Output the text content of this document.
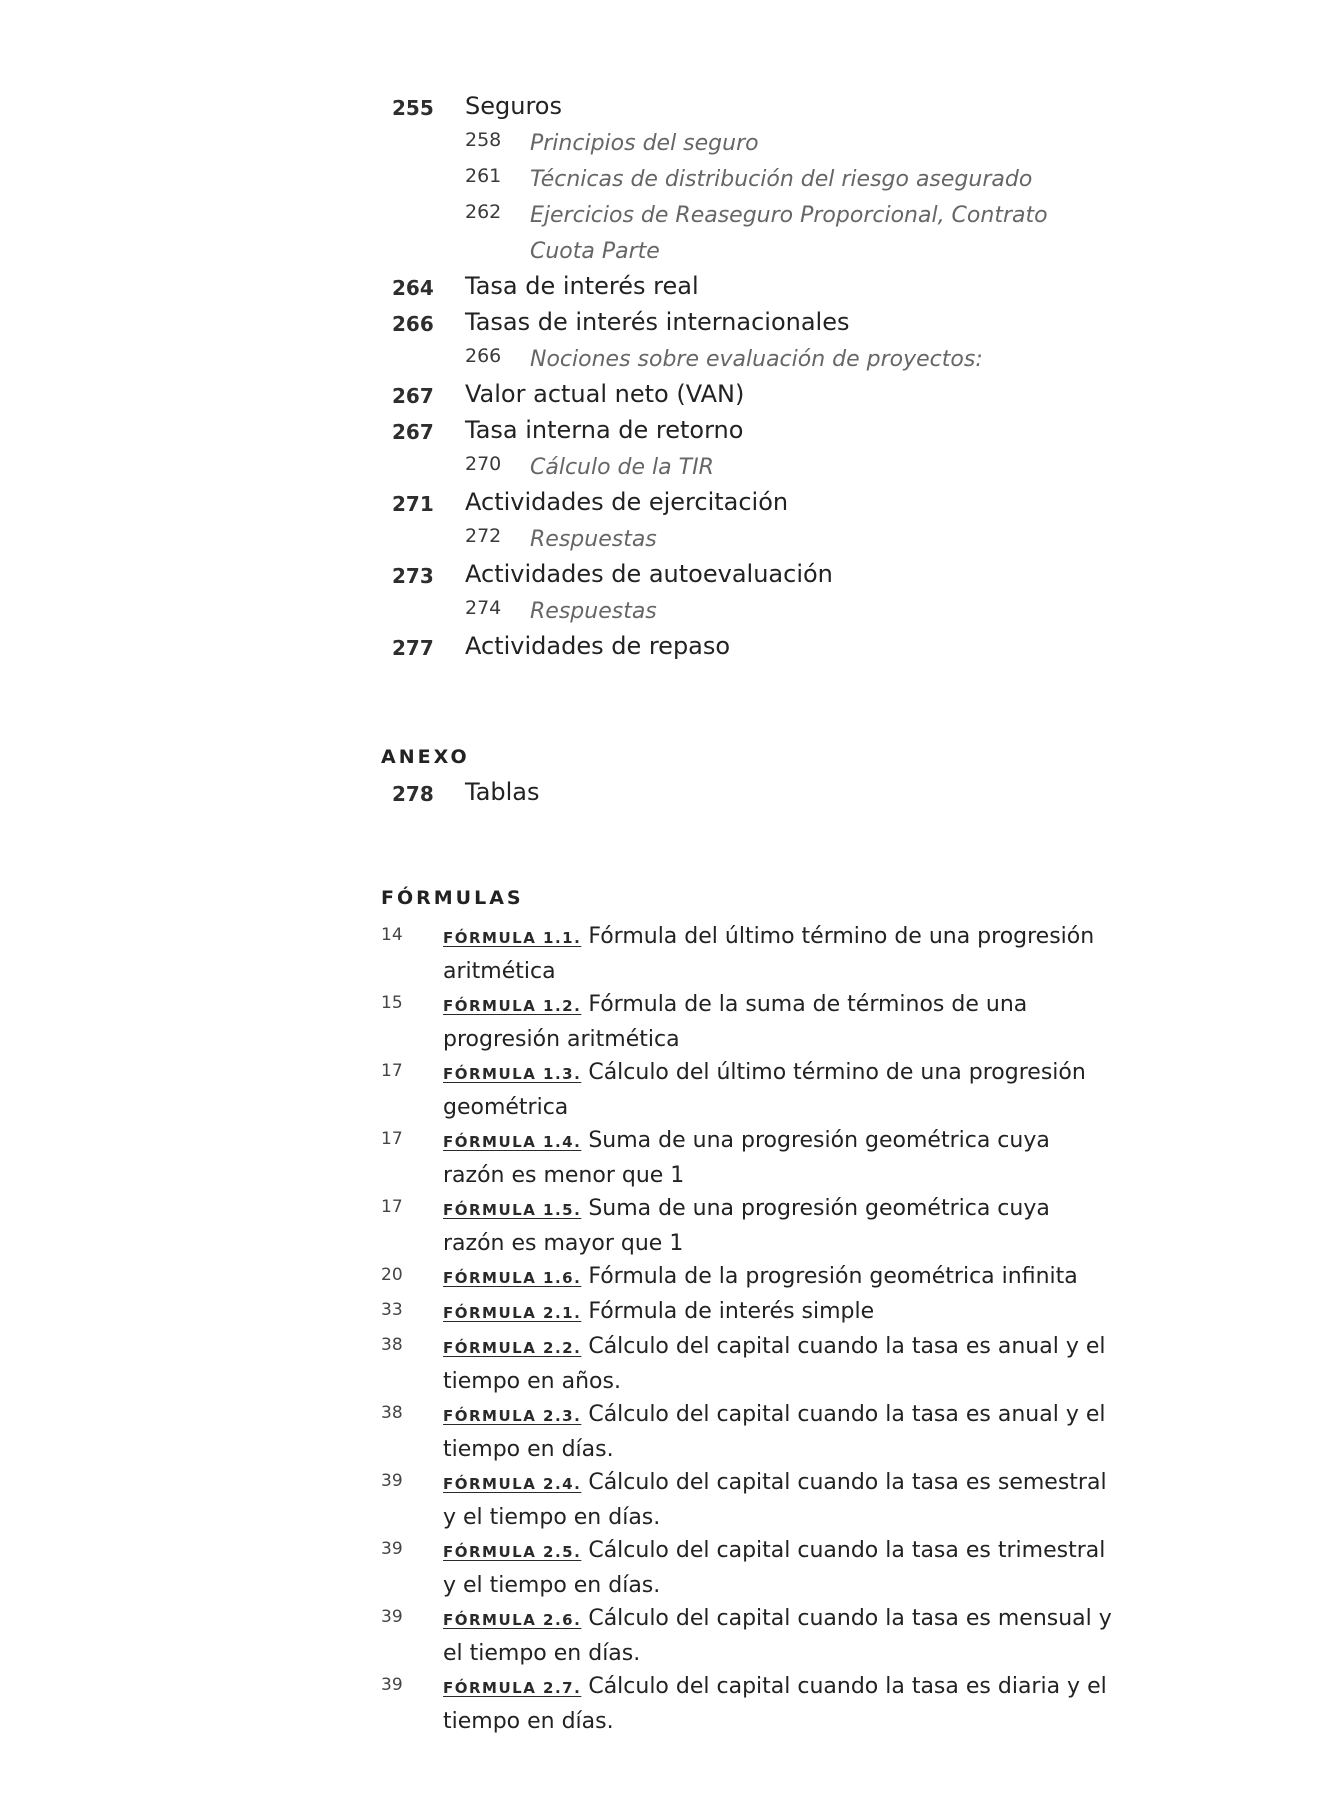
255 Seguros
258 Principios del seguro
261 Técnicas de distribución del riesgo asegurado
262 Ejercicios de Reaseguro Proporcional, Contrato Cuota Parte
264 Tasa de interés real
266 Tasas de interés internacionales
266 Nociones sobre evaluación de proyectos:
267 Valor actual neto (VAN)
267 Tasa interna de retorno
270 Cálculo de la TIR
271 Actividades de ejercitación
272 Respuestas
273 Actividades de autoevaluación
274 Respuestas
277 Actividades de repaso
ANEXO
278 Tablas
FÓRMULAS
14	FÓRMULA 1.1. Fórmula del último término de una progresión aritmética
15	FÓRMULA 1.2. Fórmula de la suma de términos de una progresión aritmética
17	FÓRMULA 1.3. Cálculo del último término de una progresión geométrica
17	FÓRMULA 1.4. Suma de una progresión geométrica cuya razón es menor que 1
17	FÓRMULA 1.5. Suma de una progresión geométrica cuya razón es mayor que 1
20	FÓRMULA 1.6. Fórmula de la progresión geométrica infinita
33	FÓRMULA 2.1. Fórmula de interés simple
38	FÓRMULA 2.2. Cálculo del capital cuando la tasa es anual y el tiempo en años.
38	FÓRMULA 2.3. Cálculo del capital cuando la tasa es anual y el tiempo en días.
39	FÓRMULA 2.4. Cálculo del capital cuando la tasa es semestral y el tiempo en días.
39	FÓRMULA 2.5. Cálculo del capital cuando la tasa es trimestral y el tiempo en días.
39	FÓRMULA 2.6. Cálculo del capital cuando la tasa es mensual y el tiempo en días.
39	FÓRMULA 2.7. Cálculo del capital cuando la tasa es diaria y el tiempo en días.
